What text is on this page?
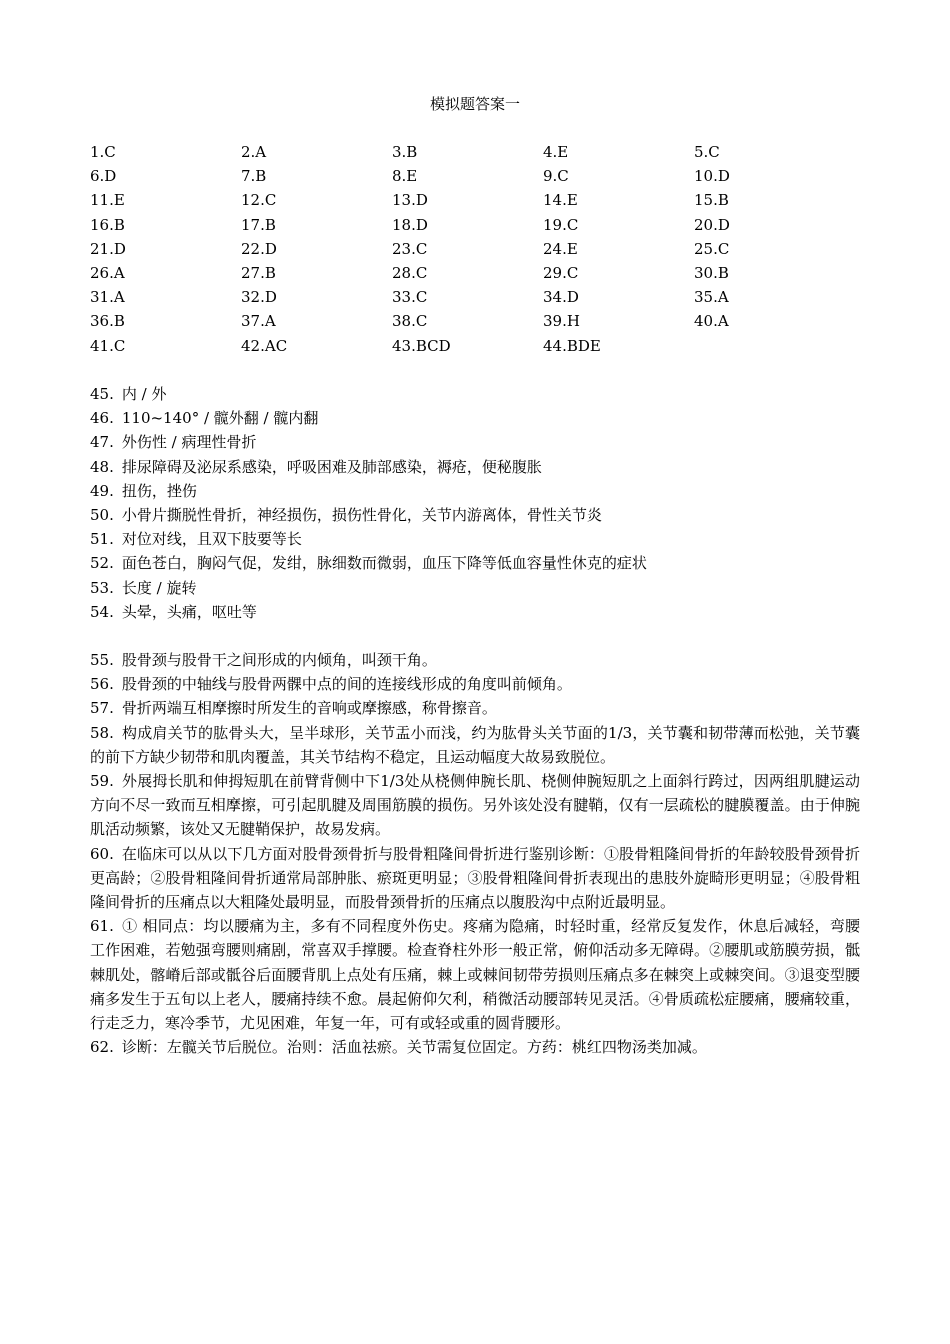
模拟题答案一
1.C	2.A	3.B	4.E	5.C
6.D	7.B	8.E	9.C	10.D
11.E	12.C	13.D	14.E	15.B
16.B	17.B	18.D	19.C	20.D
21.D	22.D	23.C	24.E	25.C
26.A	27.B	28.C	29.C	30.B
31.A	32.D	33.C	34.D	35.A
36.B	37.A	38.C	39.H	40.A
41.C	42.AC	43.BCD	44.BDE

45. 内 / 外

46. 110~140° / 髋外翻 / 髋内翻

47. 外伤性 / 病理性骨折

48. 排尿障碍及泌尿系感染，呼吸困难及肺部感染，褥疮，便秘腹胀

49. 扭伤，挫伤

50. 小骨片撕脱性骨折，神经损伤，损伤性骨化，关节内游离体，骨性关节炎

51. 对位对线，且双下肢要等长

52. 面色苍白，胸闷气促，发绀，脉细数而微弱，血压下降等低血容量性休克的症状

53. 长度 / 旋转

54. 头晕，头痛，呕吐等

55. 股骨颈与股骨干之间形成的内倾角，叫颈干角。

56. 股骨颈的中轴线与股骨两髁中点的间的连接线形成的角度叫前倾角。

57. 骨折两端互相摩擦时所发生的音响或摩擦感，称骨擦音。

58. 构成肩关节的肱骨头大，呈半球形，关节盂小而浅，约为肱骨头关节面的1/3，关节囊和韧带薄而松弛，关节囊的前下方缺少韧带和肌肉覆盖，其关节结构不稳定，且运动幅度大故易致脱位。

59. 外展拇长肌和伸拇短肌在前臂背侧中下1/3处从桡侧伸腕长肌、桡侧伸腕短肌之上面斜行跨过，因两组肌腱运动方向不尽一致而互相摩擦，可引起肌腱及周围筋膜的损伤。另外该处没有腱鞘，仅有一层疏松的腱膜覆盖。由于伸腕肌活动频繁，该处又无腱鞘保护，故易发病。

60. 在临床可以从以下几方面对股骨颈骨折与股骨粗隆间骨折进行鉴别诊断：①股骨粗隆间骨折的年龄较股骨颈骨折更高龄；②股骨粗隆间骨折通常局部肿胀、瘀斑更明显；③股骨粗隆间骨折表现出的患肢外旋畸形更明显；④股骨粗隆间骨折的压痛点以大粗隆处最明显，而股骨颈骨折的压痛点以腹股沟中点附近最明显。

61. ① 相同点：均以腰痛为主，多有不同程度外伤史。疼痛为隐痛，时轻时重，经常反复发作，休息后减轻，弯腰工作困难，若勉强弯腰则痛剧，常喜双手撑腰。检查脊柱外形一般正常，俯仰活动多无障碍。②腰肌或筋膜劳损，骶棘肌处，髂嵴后部或骶谷后面腰背肌上点处有压痛，棘上或棘间韧带劳损则压痛点多在棘突上或棘突间。③退变型腰痛多发生于五旬以上老人，腰痛持续不愈。晨起俯仰欠利，稍微活动腰部转见灵活。④骨质疏松症腰痛，腰痛较重，行走乏力，寒冷季节，尤见困难，年复一年，可有或轻或重的圆背腰形。

62. 诊断：左髋关节后脱位。治则：活血祛瘀。关节需复位固定。方药：桃红四物汤类加减。
